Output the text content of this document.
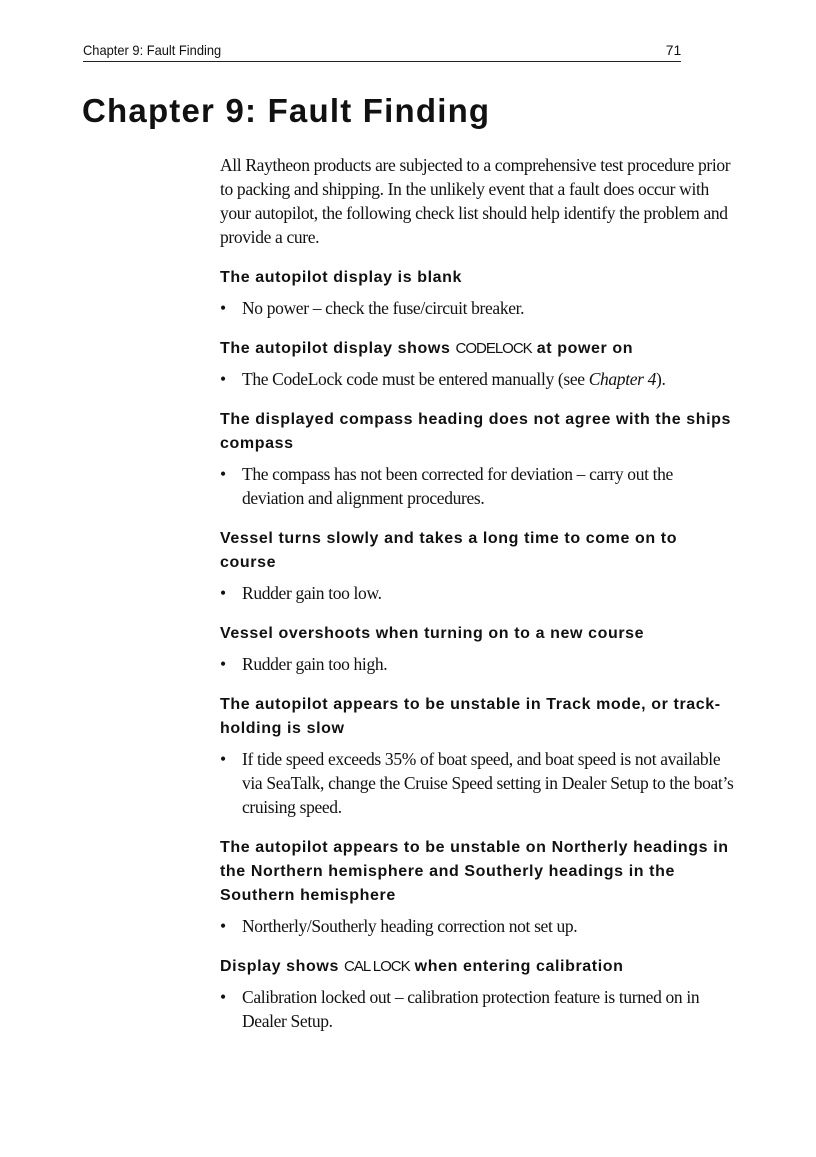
Chapter 9: Fault Finding	71
Chapter 9: Fault Finding

All Raytheon products are subjected to a comprehensive test procedure prior to packing and shipping. In the unlikely event that a fault does occur with your autopilot, the following check list should help identify the problem and provide a cure.

The autopilot display is blank
• No power – check the fuse/circuit breaker.
The autopilot display shows CODELOCK at power on
• The CodeLock code must be entered manually (see Chapter 4).
The displayed compass heading does not agree with the ships compass
• The compass has not been corrected for deviation – carry out the deviation and alignment procedures.
Vessel turns slowly and takes a long time to come on to course
• Rudder gain too low.
Vessel overshoots when turning on to a new course
• Rudder gain too high.
The autopilot appears to be unstable in Track mode, or track-holding is slow
• If tide speed exceeds 35% of boat speed, and boat speed is not available via SeaTalk, change the Cruise Speed setting in Dealer Setup to the boat’s cruising speed.
The autopilot appears to be unstable on Northerly headings in the Northern hemisphere and Southerly headings in the Southern hemisphere
• Northerly/Southerly heading correction not set up.
Display shows CAL LOCK when entering calibration
• Calibration locked out – calibration protection feature is turned on in Dealer Setup.
